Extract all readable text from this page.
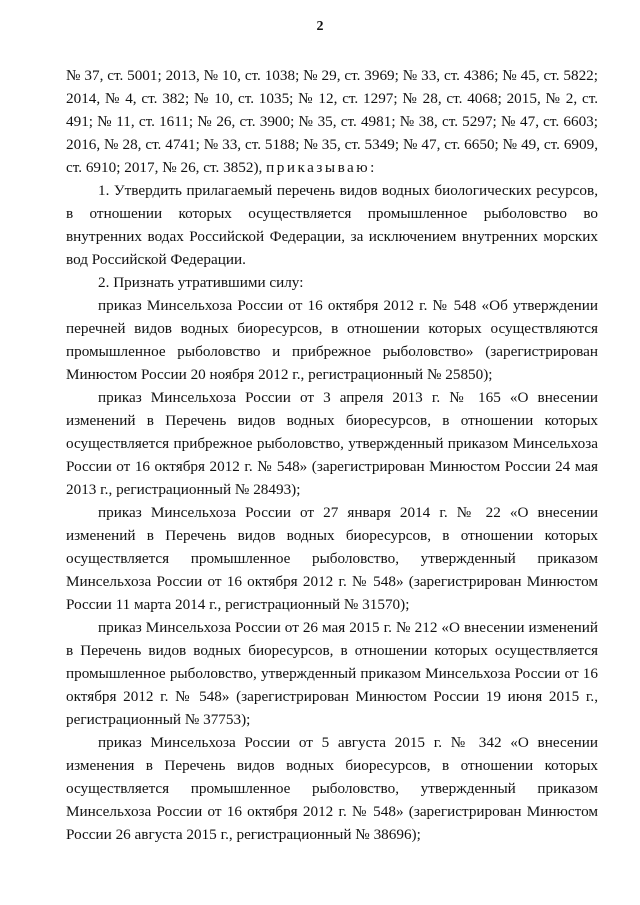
2

№ 37, ст. 5001; 2013, № 10, ст. 1038; № 29, ст. 3969; № 33, ст. 4386; № 45, ст. 5822; 2014, № 4, ст. 382; № 10, ст. 1035; № 12, ст. 1297; № 28, ст. 4068; 2015, № 2, ст. 491; № 11, ст. 1611; № 26, ст. 3900; № 35, ст. 4981; № 38, ст. 5297; № 47, ст. 6603; 2016, № 28, ст. 4741; № 33, ст. 5188; № 35, ст. 5349; № 47, ст. 6650; № 49, ст. 6909, ст. 6910; 2017, № 26, ст. 3852), приказываю:

1. Утвердить прилагаемый перечень видов водных биологических ресурсов, в отношении которых осуществляется промышленное рыболовство во внутренних водах Российской Федерации, за исключением внутренних морских вод Российской Федерации.

2. Признать утратившими силу:

приказ Минсельхоза России от 16 октября 2012 г. № 548 «Об утверждении перечней видов водных биоресурсов, в отношении которых осуществляются промышленное рыболовство и прибрежное рыболовство» (зарегистрирован Минюстом России 20 ноября 2012 г., регистрационный № 25850);

приказ Минсельхоза России от 3 апреля 2013 г. № 165 «О внесении изменений в Перечень видов водных биоресурсов, в отношении которых осуществляется прибрежное рыболовство, утвержденный приказом Минсельхоза России от 16 октября 2012 г. № 548» (зарегистрирован Минюстом России 24 мая 2013 г., регистрационный № 28493);

приказ Минсельхоза России от 27 января 2014 г. № 22 «О внесении изменений в Перечень видов водных биоресурсов, в отношении которых осуществляется промышленное рыболовство, утвержденный приказом Минсельхоза России от 16 октября 2012 г. № 548» (зарегистрирован Минюстом России 11 марта 2014 г., регистрационный № 31570);

приказ Минсельхоза России от 26 мая 2015 г. № 212 «О внесении изменений в Перечень видов водных биоресурсов, в отношении которых осуществляется промышленное рыболовство, утвержденный приказом Минсельхоза России от 16 октября 2012 г. № 548» (зарегистрирован Минюстом России 19 июня 2015 г., регистрационный № 37753);

приказ Минсельхоза России от 5 августа 2015 г. № 342 «О внесении изменения в Перечень видов водных биоресурсов, в отношении которых осуществляется промышленное рыболовство, утвержденный приказом Минсельхоза России от 16 октября 2012 г. № 548» (зарегистрирован Минюстом России 26 августа 2015 г., регистрационный № 38696);
